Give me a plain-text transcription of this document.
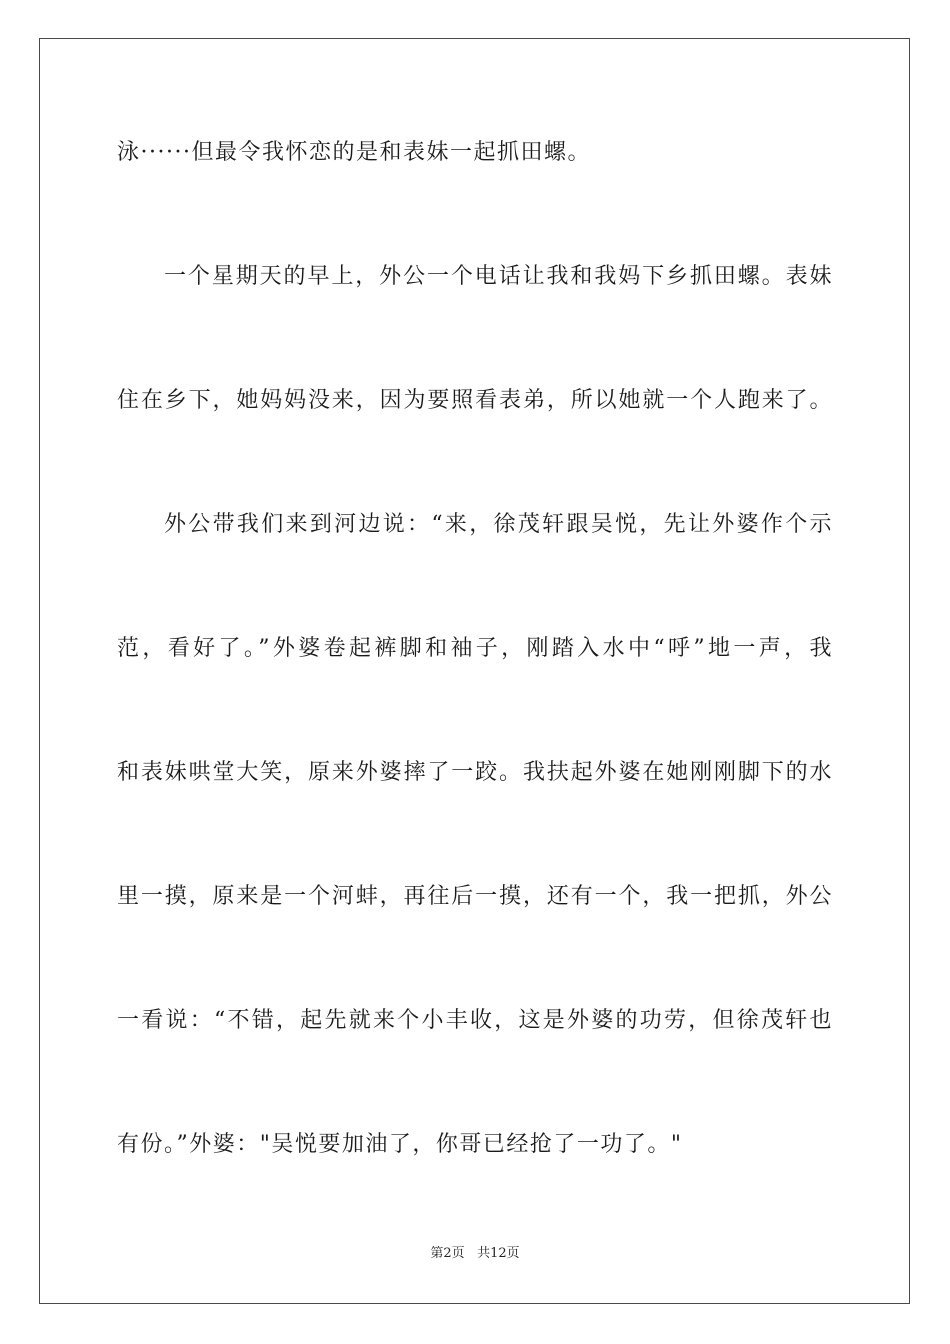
泳······但最令我怀恋的是和表妹一起抓田螺。

一个星期天的早上，外公一个电话让我和我妈下乡抓田螺。表妹

住在乡下，她妈妈没来，因为要照看表弟，所以她就一个人跑来了。

外公带我们来到河边说：“来，徐茂轩跟吴悦，先让外婆作个示

范，看好了。”外婆卷起裤脚和袖子，刚踏入水中“呼”地一声，我

和表妹哄堂大笑，原来外婆摔了一跤。我扶起外婆在她刚刚脚下的水

里一摸，原来是一个河蚌，再往后一摸，还有一个，我一把抓，外公

一看说：“不错，起先就来个小丰收，这是外婆的功劳，但徐茂轩也

有份。”外婆："吴悦要加油了，你哥已经抢了一功了。"

第2页 共12页
